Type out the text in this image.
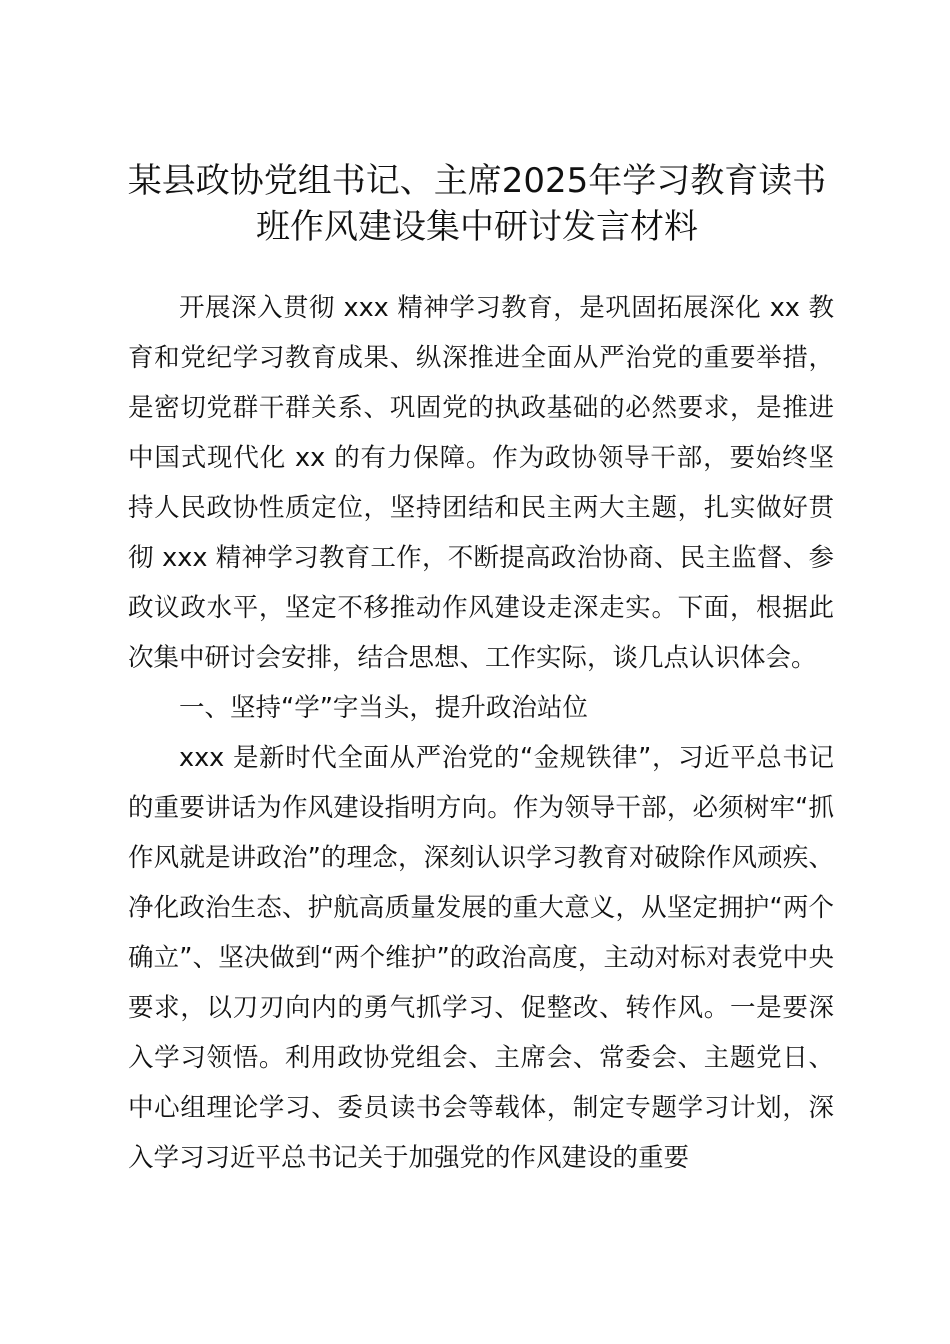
某县政协党组书记、主席2025年学习教育读书班作风建设集中研讨发言材料

开展深入贯彻 xxx 精神学习教育，是巩固拓展深化 xx 教育和党纪学习教育成果、纵深推进全面从严治党的重要举措，是密切党群干群关系、巩固党的执政基础的必然要求，是推进中国式现代化 xx 的有力保障。作为政协领导干部，要始终坚持人民政协性质定位，坚持团结和民主两大主题，扎实做好贯彻 xxx 精神学习教育工作，不断提高政治协商、民主监督、参政议政水平，坚定不移推动作风建设走深走实。下面，根据此次集中研讨会安排，结合思想、工作实际，谈几点认识体会。

一、坚持“学”字当头，提升政治站位

xxx 是新时代全面从严治党的“金规铁律”，习近平总书记的重要讲话为作风建设指明方向。作为领导干部，必须树牢“抓作风就是讲政治”的理念，深刻认识学习教育对破除作风顽疾、净化政治生态、护航高质量发展的重大意义，从坚定拥护“两个确立”、坚决做到“两个维护”的政治高度，主动对标对表党中央要求，以刀刃向内的勇气抓学习、促整改、转作风。一是要深入学习领悟。利用政协党组会、主席会、常委会、主题党日、中心组理论学习、委员读书会等载体，制定专题学习计划，深入学习习近平总书记关于加强党的作风建设的重要
